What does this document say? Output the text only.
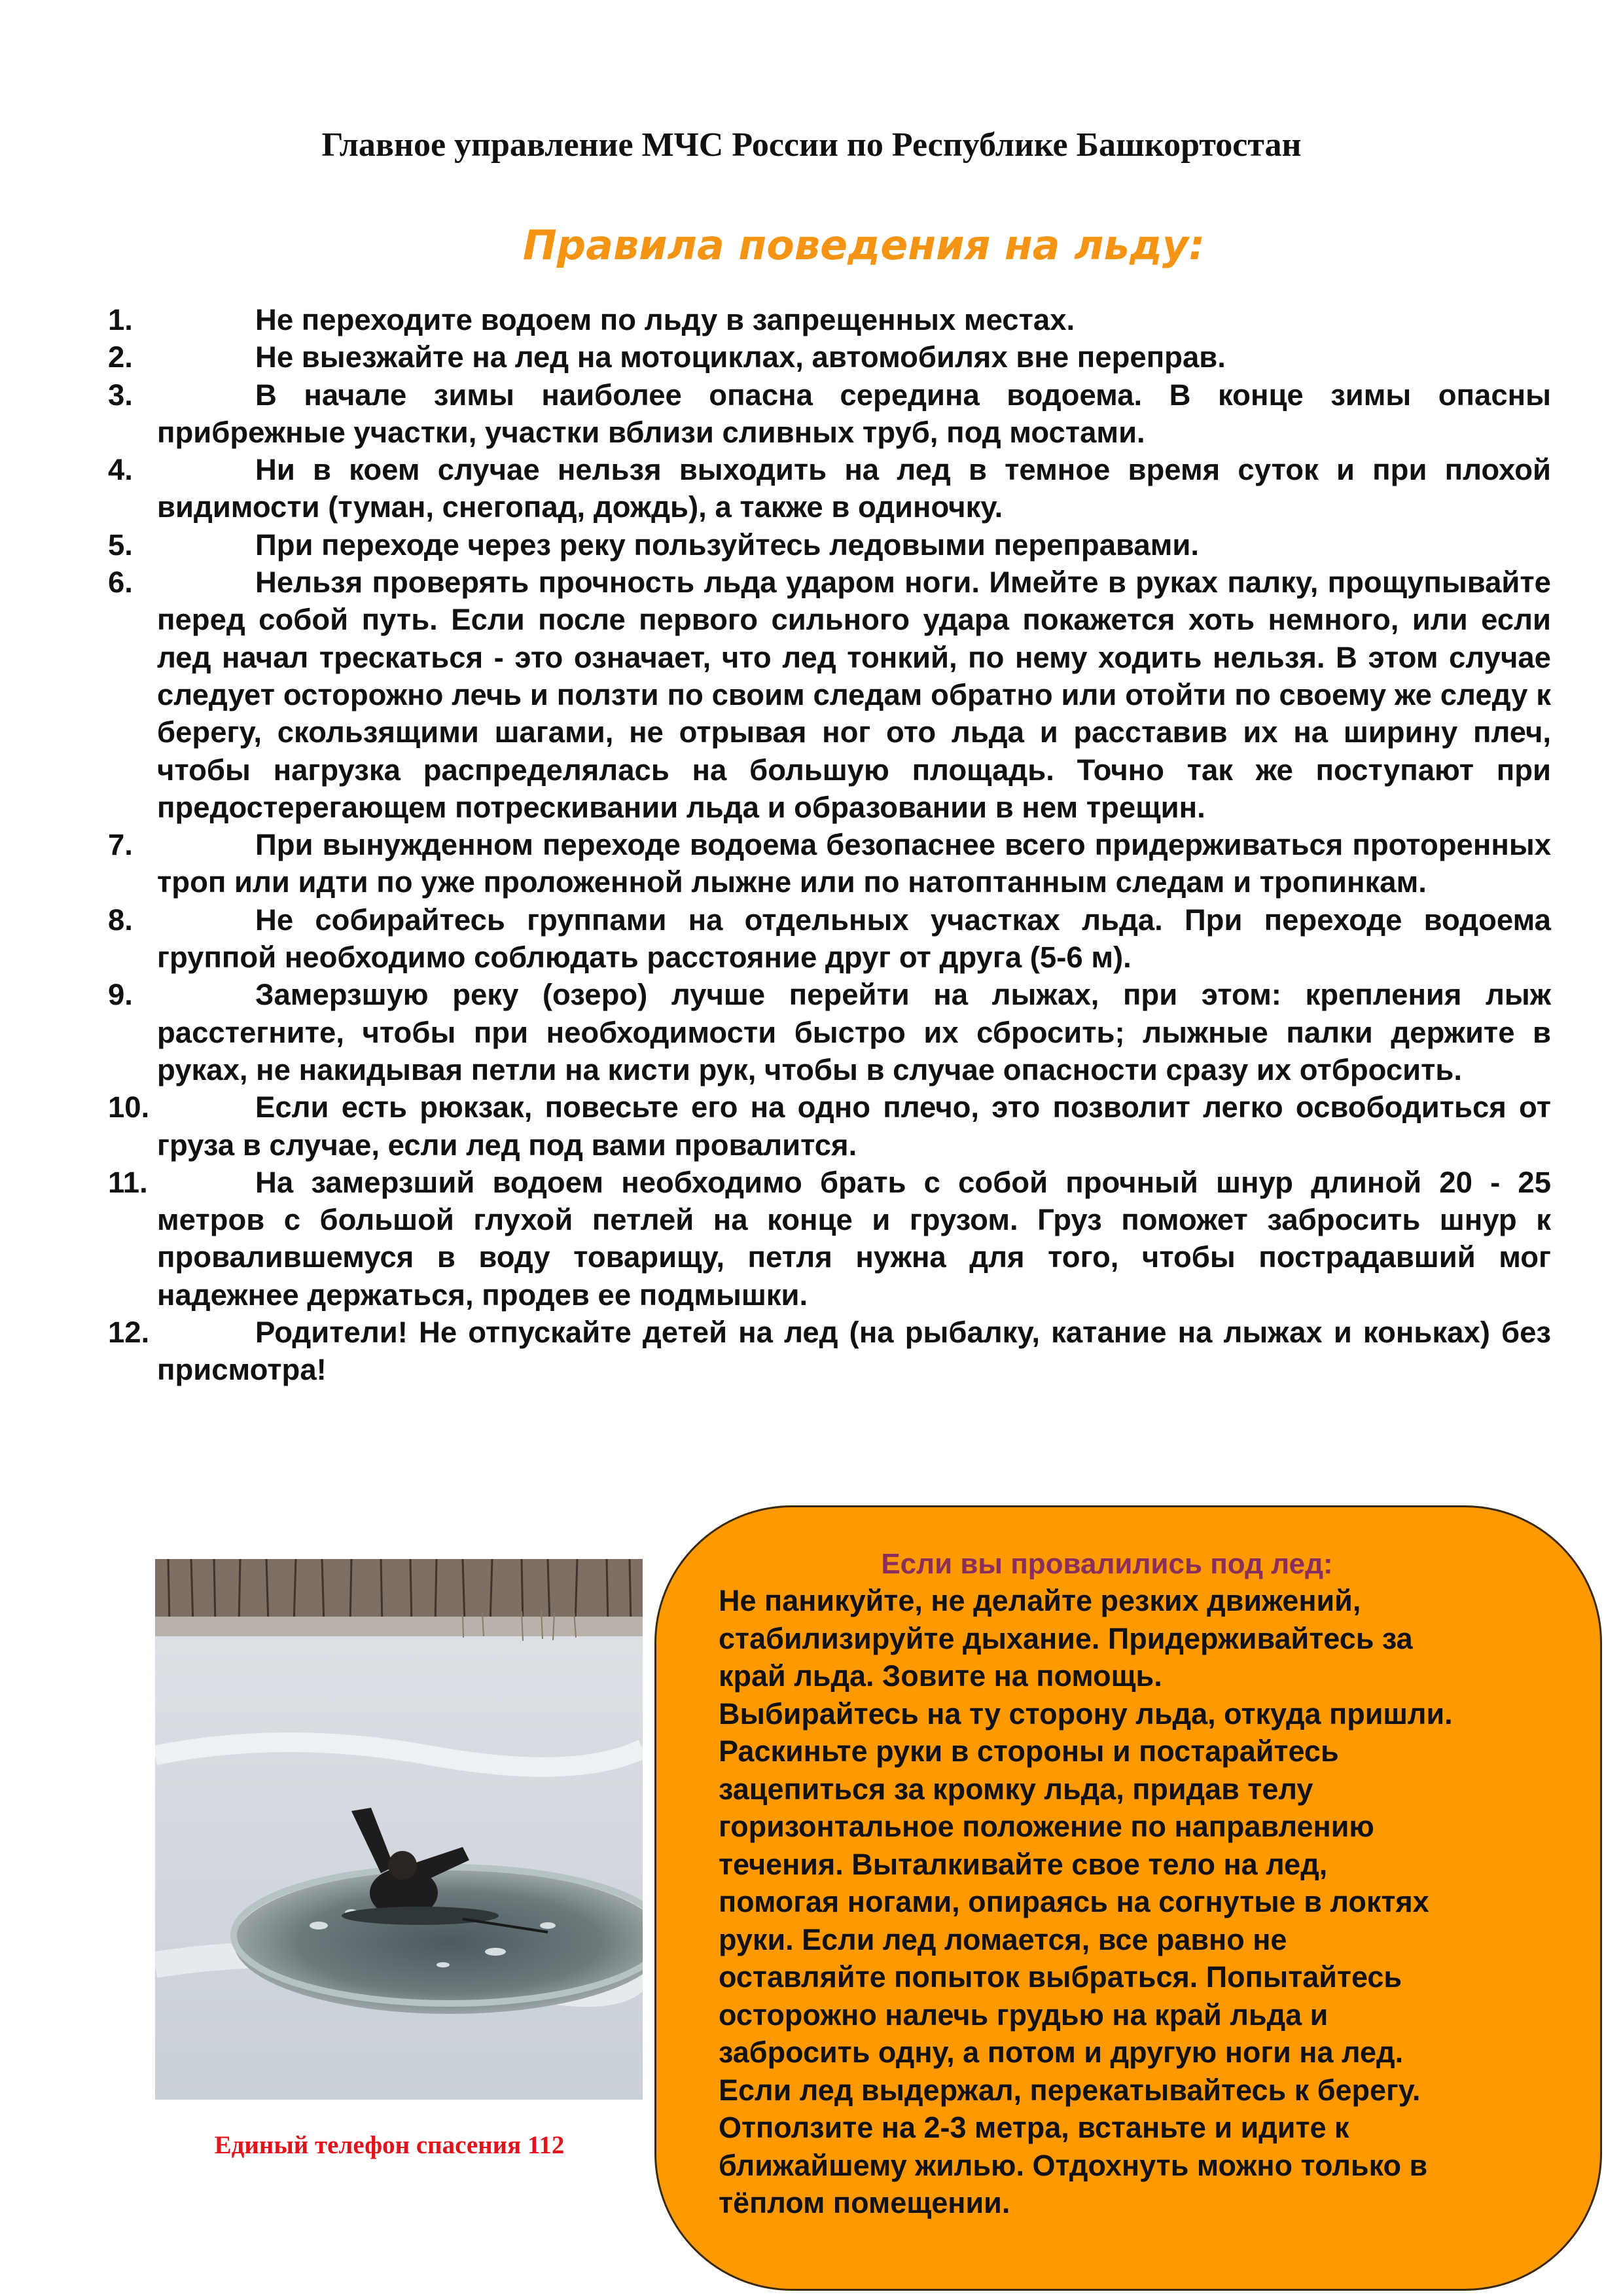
Главное управление МЧС России по Республике Башкортостан
Правила поведения на льду:
1.	Не переходите водоем по льду в запрещенных местах.
2.	Не выезжайте на лед на мотоциклах, автомобилях вне переправ.
3.	В начале зимы наиболее опасна середина водоема. В конце зимы опасны прибрежные участки, участки вблизи сливных труб, под мостами.
4.	Ни в коем случае нельзя выходить на лед в темное время суток и при плохой видимости (туман, снегопад, дождь), а также в одиночку.
5.	При переходе через реку пользуйтесь ледовыми переправами.
6.	Нельзя проверять прочность льда ударом ноги. Имейте в руках палку, прощупывайте перед собой путь. Если после первого сильного удара покажется хоть немного, или если лед начал трескаться - это означает, что лед тонкий, по нему ходить нельзя. В этом случае следует осторожно лечь и ползти по своим следам обратно или отойти по своему же следу к берегу, скользящими шагами, не отрывая ног ото льда и расставив их на ширину плеч, чтобы нагрузка распределялась на большую площадь. Точно так же поступают при предостерегающем потрескивании льда и образовании в нем трещин.
7.	При вынужденном переходе водоема безопаснее всего придерживаться проторенных троп или идти по уже проложенной лыжне или по натоптанным следам и тропинкам.
8.	Не собирайтесь группами на отдельных участках льда. При переходе водоема группой необходимо соблюдать расстояние друг от друга (5-6 м).
9.	Замерзшую реку (озеро) лучше перейти на лыжах, при этом: крепления лыж расстегните, чтобы при необходимости быстро их сбросить; лыжные палки держите в руках, не накидывая петли на кисти рук, чтобы в случае опасности сразу их отбросить.
10.	Если есть рюкзак, повесьте его на одно плечо, это позволит легко освободиться от груза в случае, если лед под вами провалится.
11.	На замерзший водоем необходимо брать с собой прочный шнур длиной 20 - 25 метров с большой глухой петлей на конце и грузом. Груз поможет забросить шнур к провалившемуся в воду товарищу, петля нужна для того, чтобы пострадавший мог надежнее держаться, продев ее подмышки.
12.	Родители! Не отпускайте детей на лед (на рыбалку, катание на лыжах и коньках) без присмотра!
Единый телефон спасения 112
Если вы провалились под лед:

Не паникуйте, не делайте резких движений,
стабилизируйте дыхание. Придерживайтесь за
край льда. Зовите на помощь.
Выбирайтесь на ту сторону льда, откуда пришли.
Раскиньте руки в стороны и постарайтесь
зацепиться за кромку льда, придав телу
горизонтальное положение по направлению
течения. Выталкивайте свое тело на лед,
помогая ногами, опираясь на согнутые в локтях
руки. Если лед ломается, все равно не
оставляйте попыток выбраться. Попытайтесь
осторожно налечь грудью на край льда и
забросить одну, а потом и другую ноги на лед.
Если лед выдержал, перекатывайтесь к берегу.
Отползите на 2-3 метра, встаньте и идите к
ближайшему жилью. Отдохнуть можно только в
тёплом помещении.
